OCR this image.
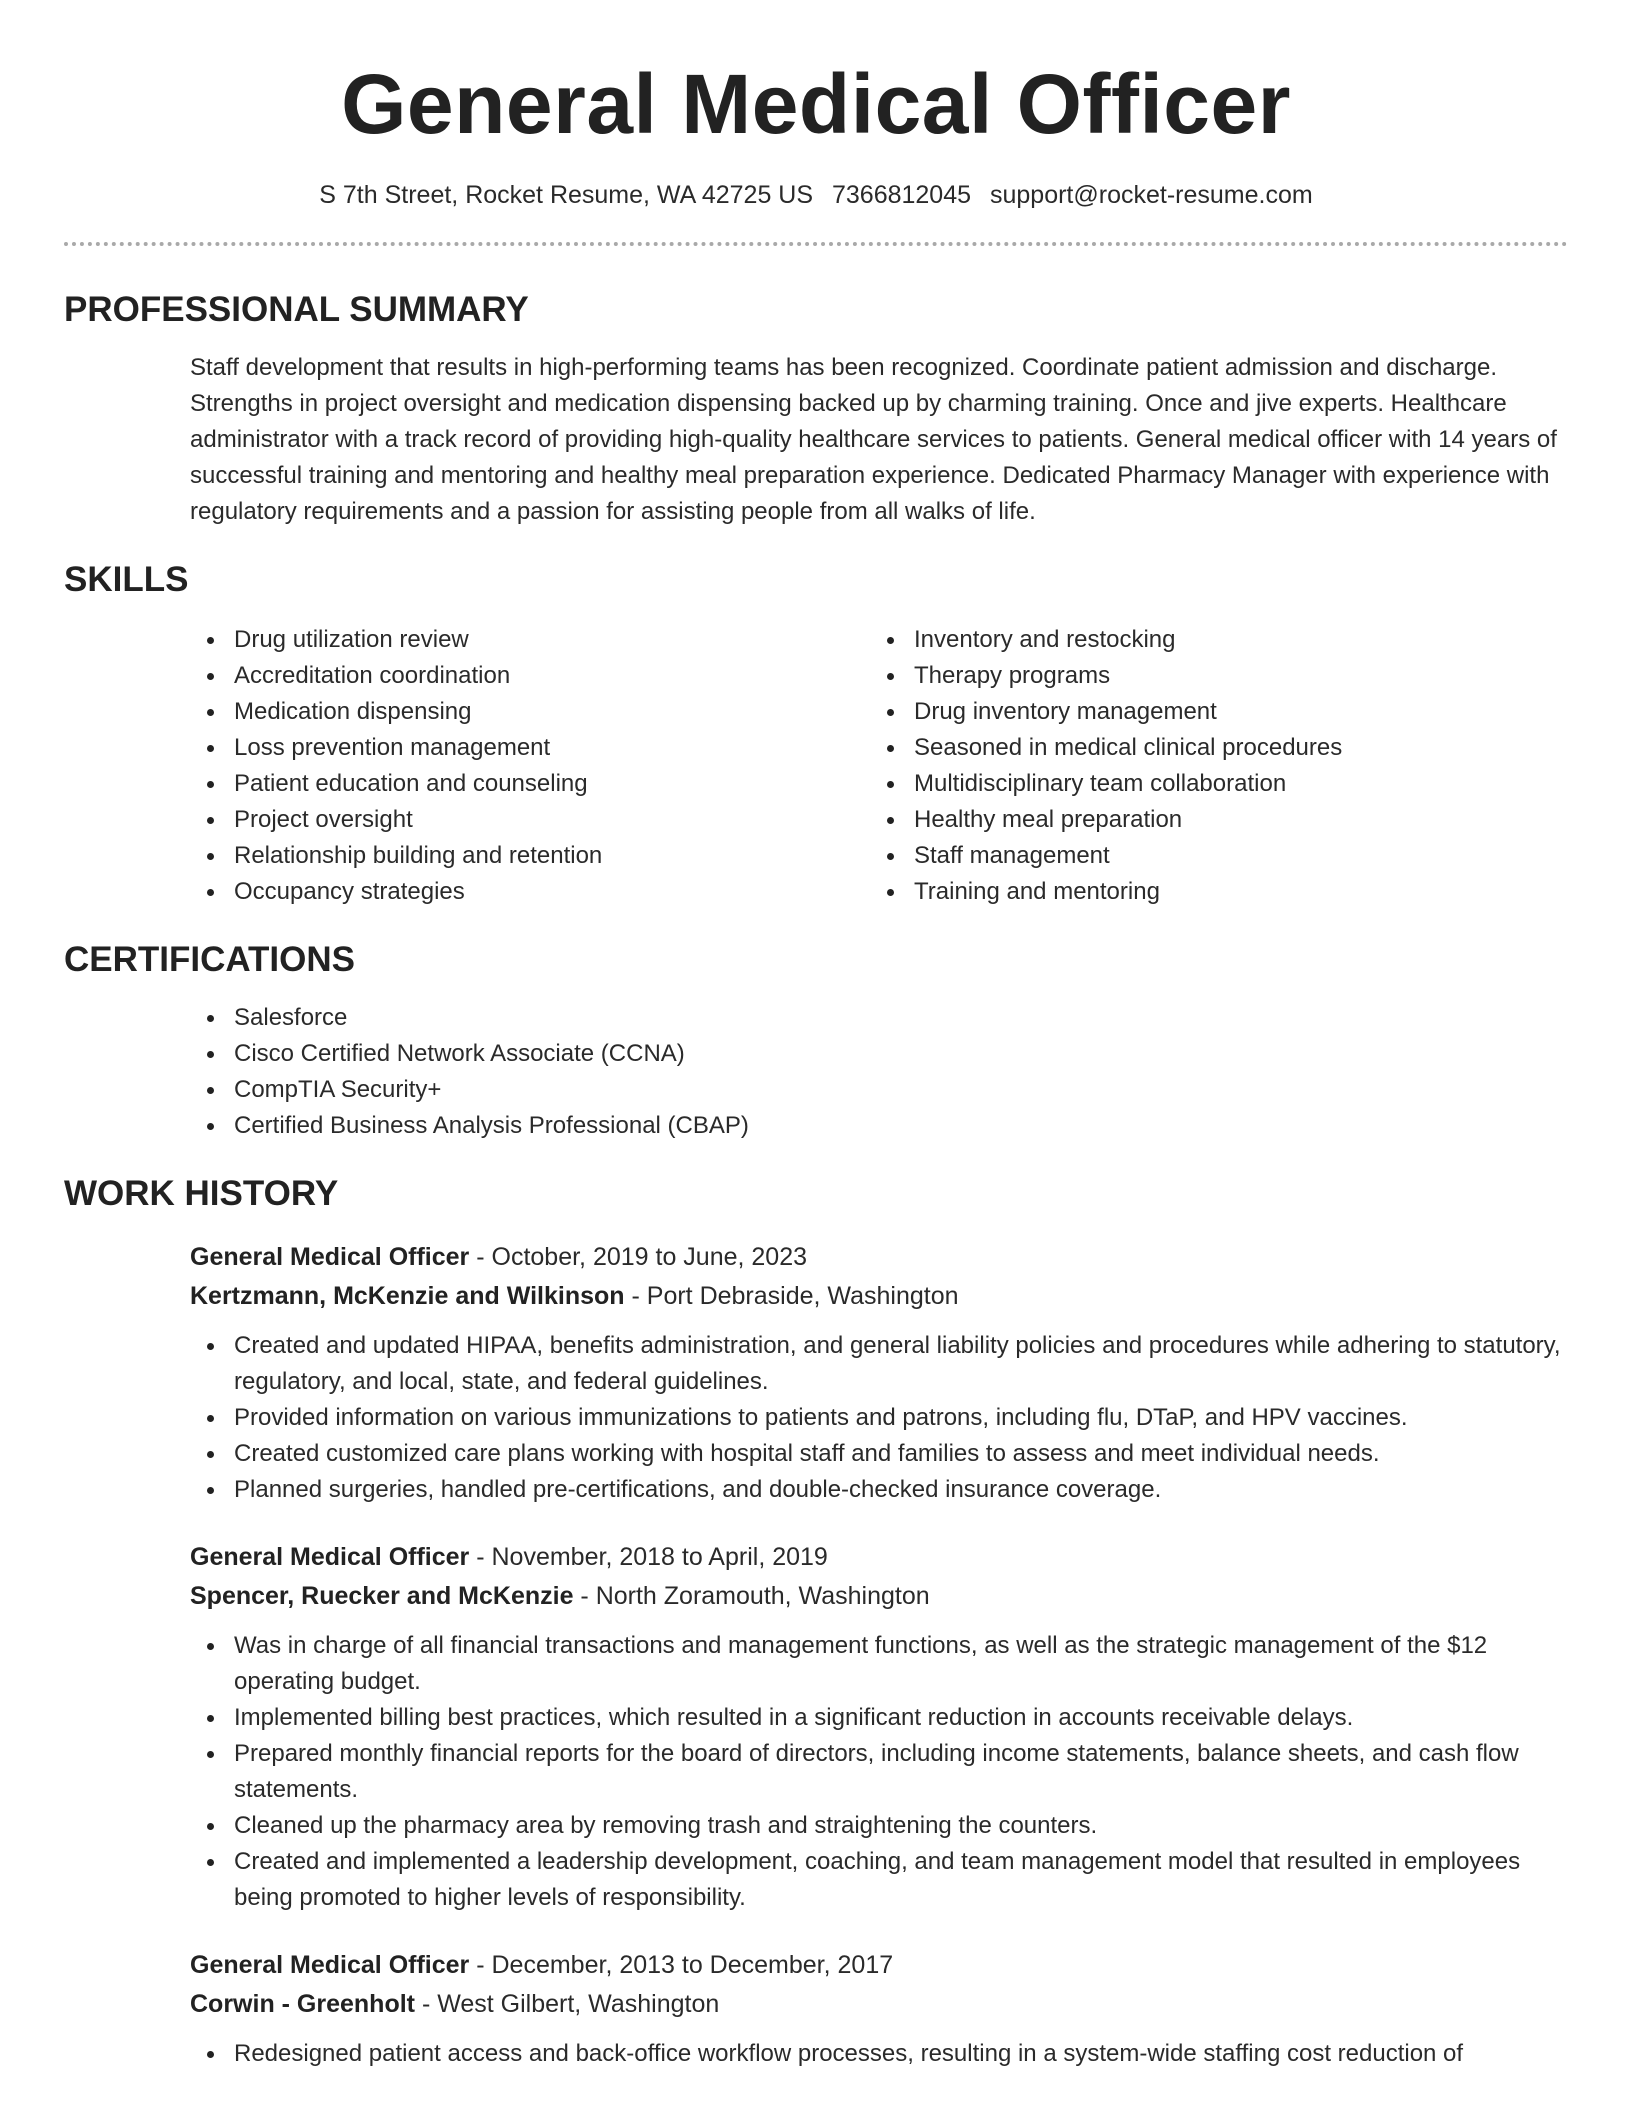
General Medical Officer
S 7th Street, Rocket Resume, WA 42725 US 7366812045 support@rocket-resume.com
PROFESSIONAL SUMMARY

Staff development that results in high-performing teams has been recognized. Coordinate patient admission and discharge. Strengths in project oversight and medication dispensing backed up by charming training. Once and jive experts. Healthcare administrator with a track record of providing high-quality healthcare services to patients. General medical officer with 14 years of successful training and mentoring and healthy meal preparation experience. Dedicated Pharmacy Manager with experience with regulatory requirements and a passion for assisting people from all walks of life.

SKILLS
Drug utilization review
Accreditation coordination
Medication dispensing
Loss prevention management
Patient education and counseling
Project oversight
Relationship building and retention
Occupancy strategies
Inventory and restocking
Therapy programs
Drug inventory management
Seasoned in medical clinical procedures
Multidisciplinary team collaboration
Healthy meal preparation
Staff management
Training and mentoring
CERTIFICATIONS
Salesforce
Cisco Certified Network Associate (CCNA)
CompTIA Security+
Certified Business Analysis Professional (CBAP)
WORK HISTORY
General Medical Officer - October, 2019 to June, 2023
Kertzmann, McKenzie and Wilkinson - Port Debraside, Washington
Created and updated HIPAA, benefits administration, and general liability policies and procedures while adhering to statutory, regulatory, and local, state, and federal guidelines.
Provided information on various immunizations to patients and patrons, including flu, DTaP, and HPV vaccines.
Created customized care plans working with hospital staff and families to assess and meet individual needs.
Planned surgeries, handled pre-certifications, and double-checked insurance coverage.
General Medical Officer - November, 2018 to April, 2019
Spencer, Ruecker and McKenzie - North Zoramouth, Washington
Was in charge of all financial transactions and management functions, as well as the strategic management of the $12 operating budget.
Implemented billing best practices, which resulted in a significant reduction in accounts receivable delays.
Prepared monthly financial reports for the board of directors, including income statements, balance sheets, and cash flow statements.
Cleaned up the pharmacy area by removing trash and straightening the counters.
Created and implemented a leadership development, coaching, and team management model that resulted in employees being promoted to higher levels of responsibility.
General Medical Officer - December, 2013 to December, 2017
Corwin - Greenholt - West Gilbert, Washington
Redesigned patient access and back-office workflow processes, resulting in a system-wide staffing cost reduction of
